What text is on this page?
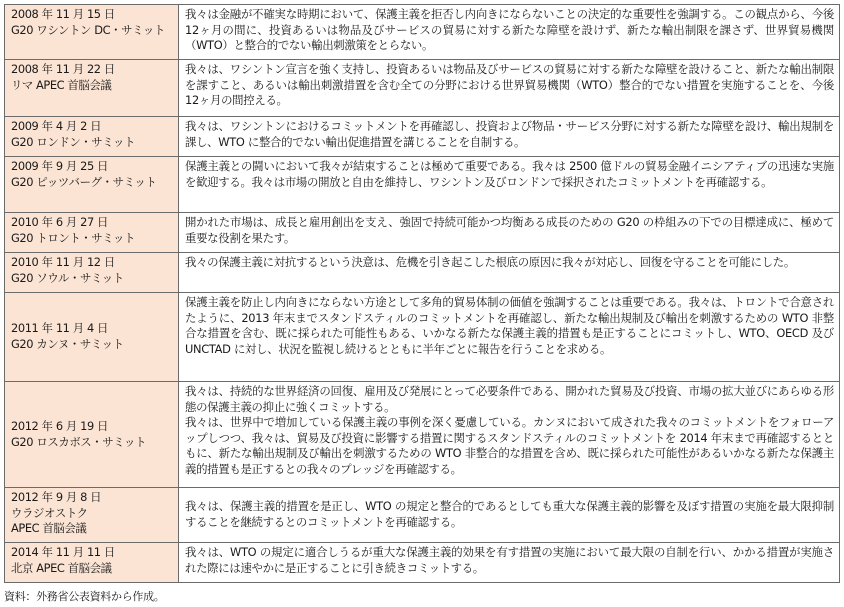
2008 年 11 月 15 日
G20 ワシントン DC・サミット	我々は金融が不確実な時期において、保護主義を拒否し内向きにならないことの決定的な重要性を強調する。この観点から、今後 12ヶ月の間に、投資あるいは物品及びサービスの貿易に対する新たな障壁を設けず、新たな輸出制限を課さず、世界貿易機関（WTO）と整合的でない輸出刺激策をとらない。
2008 年 11 月 22 日
リマ APEC 首脳会議	我々は、ワシントン宣言を強く支持し、投資あるいは物品及びサービスの貿易に対する新たな障壁を設けること、新たな輸出制限を課すこと、あるいは輸出刺激措置を含む全ての分野における世界貿易機関（WTO）整合的でない措置を実施することを、今後 12ヶ月の間控える。
2009 年 4 月 2 日
G20 ロンドン・サミット	我々は、ワシントンにおけるコミットメントを再確認し、投資および物品・サービス分野に対する新たな障壁を設け、輸出規制を課し、WTO に整合的でない輸出促進措置を講じることを自制する。
2009 年 9 月 25 日
G20 ピッツバーグ・サミット	保護主義との闘いにおいて我々が結束することは極めて重要である。我々は 2500 億ドルの貿易金融イニシアティブの迅速な実施を歓迎する。我々は市場の開放と自由を維持し、ワシントン及びロンドンで採択されたコミットメントを再確認する。
2010 年 6 月 27 日
G20 トロント・サミット	開かれた市場は、成長と雇用創出を支え、強固で持続可能かつ均衡ある成長のための G20 の枠組みの下での目標達成に、極めて重要な役割を果たす。
2010 年 11 月 12 日
G20 ソウル・サミット	我々の保護主義に対抗するという決意は、危機を引き起こした根底の原因に我々が対応し、回復を守ることを可能にした。
2011 年 11 月 4 日
G20 カンヌ・サミット	保護主義を防止し内向きにならない方途として多角的貿易体制の価値を強調することは重要である。我々は、トロントで合意されたように、2013 年末までスタンドスティルのコミットメントを再確認し、新たな輸出規制及び輸出を刺激するための WTO 非整合な措置を含む、既に採られた可能性もある、いかなる新たな保護主義的措置も是正することにコミットし、WTO、OECD 及び UNCTAD に対し、状況を監視し続けるとともに半年ごとに報告を行うことを求める。
2012 年 6 月 19 日
G20 ロスカボス・サミット	我々は、持続的な世界経済の回復、雇用及び発展にとって必要条件である、開かれた貿易及び投資、市場の拡大並びにあらゆる形態の保護主義の抑止に強くコミットする。
我々は、世界中で増加している保護主義の事例を深く憂慮している。カンヌにおいて成された我々のコミットメントをフォローアップしつつ、我々は、貿易及び投資に影響する措置に関するスタンドスティルのコミットメントを 2014 年末まで再確認するとともに、新たな輸出規制及び輸出を刺激するための WTO 非整合的な措置を含め、既に採られた可能性があるいかなる新たな保護主義的措置も是正するとの我々のプレッジを再確認する。
2012 年 9 月 8 日
ウラジオストク
APEC 首脳会議	我々は、保護主義的措置を是正し、WTO の規定と整合的であるとしても重大な保護主義的影響を及ぼす措置の実施を最大限抑制することを継続するとのコミットメントを再確認する。
2014 年 11 月 11 日
北京 APEC 首脳会議	我々は、WTO の規定に適合しうるが重大な保護主義的効果を有す措置の実施において最大限の自制を行い、かかる措置が実施された際には速やかに是正することに引き続きコミットする。
資料：外務省公表資料から作成。
